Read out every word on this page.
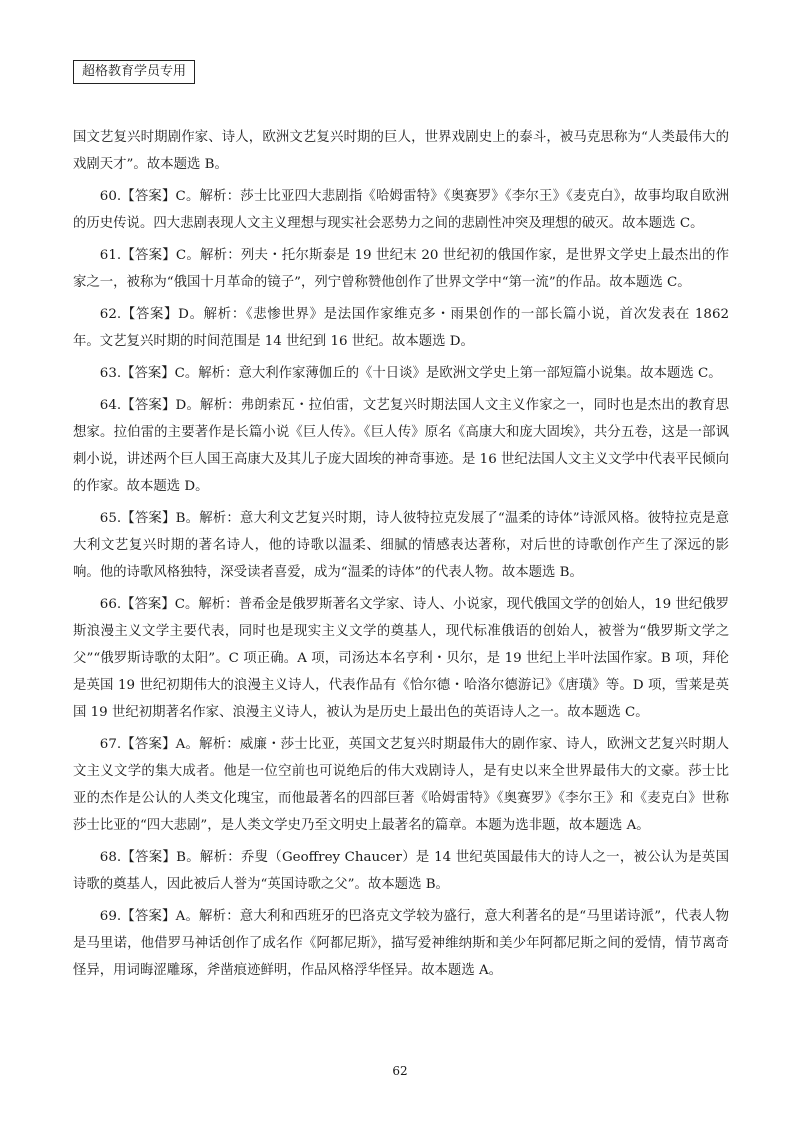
超格教育学员专用

国文艺复兴时期剧作家、诗人，欧洲文艺复兴时期的巨人，世界戏剧史上的泰斗，被马克思称为“人类最伟大的戏剧天才”。故本题选 B。

60.【答案】C。解析：莎士比亚四大悲剧指《哈姆雷特》《奥赛罗》《李尔王》《麦克白》，故事均取自欧洲的历史传说。四大悲剧表现人文主义理想与现实社会恶势力之间的悲剧性冲突及理想的破灭。故本题选 C。

61.【答案】C。解析：列夫・托尔斯泰是 19 世纪末 20 世纪初的俄国作家，是世界文学史上最杰出的作家之一，被称为“俄国十月革命的镜子”，列宁曾称赞他创作了世界文学中“第一流”的作品。故本题选 C。

62.【答案】D。解析：《悲惨世界》是法国作家维克多・雨果创作的一部长篇小说，首次发表在 1862 年。文艺复兴时期的时间范围是 14 世纪到 16 世纪。故本题选 D。

63.【答案】C。解析：意大利作家薄伽丘的《十日谈》是欧洲文学史上第一部短篇小说集。故本题选 C。

64.【答案】D。解析：弗朗索瓦・拉伯雷，文艺复兴时期法国人文主义作家之一，同时也是杰出的教育思想家。拉伯雷的主要著作是长篇小说《巨人传》。《巨人传》原名《高康大和庞大固埃》，共分五卷，这是一部讽刺小说，讲述两个巨人国王高康大及其儿子庞大固埃的神奇事迹。是 16 世纪法国人文主义文学中代表平民倾向的作家。故本题选 D。

65.【答案】B。解析：意大利文艺复兴时期，诗人彼特拉克发展了“温柔的诗体”诗派风格。彼特拉克是意大利文艺复兴时期的著名诗人，他的诗歌以温柔、细腻的情感表达著称，对后世的诗歌创作产生了深远的影响。他的诗歌风格独特，深受读者喜爱，成为“温柔的诗体”的代表人物。故本题选 B。

66.【答案】C。解析：普希金是俄罗斯著名文学家、诗人、小说家，现代俄国文学的创始人，19 世纪俄罗斯浪漫主义文学主要代表，同时也是现实主义文学的奠基人，现代标准俄语的创始人，被誉为“俄罗斯文学之父”“俄罗斯诗歌的太阳”。C 项正确。A 项，司汤达本名亨利・贝尔，是 19 世纪上半叶法国作家。B 项，拜伦是英国 19 世纪初期伟大的浪漫主义诗人，代表作品有《恰尔德・哈洛尔德游记》《唐璜》等。D 项，雪莱是英国 19 世纪初期著名作家、浪漫主义诗人，被认为是历史上最出色的英语诗人之一。故本题选 C。

67.【答案】A。解析：威廉・莎士比亚，英国文艺复兴时期最伟大的剧作家、诗人，欧洲文艺复兴时期人文主义文学的集大成者。他是一位空前也可说绝后的伟大戏剧诗人，是有史以来全世界最伟大的文豪。莎士比亚的杰作是公认的人类文化瑰宝，而他最著名的四部巨著《哈姆雷特》《奥赛罗》《李尔王》和《麦克白》世称莎士比亚的“四大悲剧”，是人类文学史乃至文明史上最著名的篇章。本题为选非题，故本题选 A。

68.【答案】B。解析：乔叟（Geoffrey Chaucer）是 14 世纪英国最伟大的诗人之一，被公认为是英国诗歌的奠基人，因此被后人誉为“英国诗歌之父”。故本题选 B。

69.【答案】A。解析：意大利和西班牙的巴洛克文学较为盛行，意大利著名的是“马里诺诗派”，代表人物是马里诺，他借罗马神话创作了成名作《阿都尼斯》，描写爱神维纳斯和美少年阿都尼斯之间的爱情，情节离奇怪异，用词晦涩雕琢，斧凿痕迹鲜明，作品风格浮华怪异。故本题选 A。

62
